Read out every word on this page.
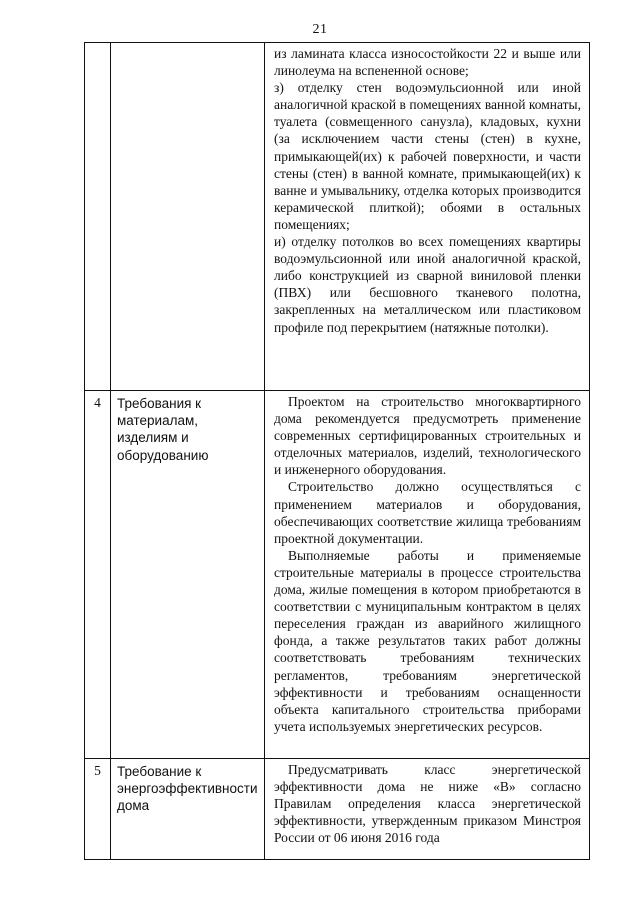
21

		из ламината класса износостойкости 22 и выше или линолеума на вспененной основе;

з) отделку стен водоэмульсионной или иной аналогичной краской в помещениях ванной комнаты, туалета (совмещенного санузла), кладовых, кухни (за исключением части стены (стен) в кухне, примыкающей(их) к рабочей поверхности, и части стены (стен) в ванной комнате, примыкающей(их) к ванне и умывальнику, отделка которых производится керамической плиткой); обоями в остальных помещениях;

и) отделку потолков во всех помещениях квартиры водоэмульсионной или иной аналогичной краской, либо конструкцией из сварной виниловой пленки (ПВХ) или бесшовного тканевого полотна, закрепленных на металлическом или пластиковом профиле под перекрытием (натяжные потолки).

4	Требования к материалам, изделиям и оборудованию	Проектом на строительство многоквартирного дома рекомендуется предусмотреть применение современных сертифицированных строительных и отделочных материалов, изделий, технологического и инженерного оборудования.

Строительство должно осуществляться с применением материалов и оборудования, обеспечивающих соответствие жилища требованиям проектной документации.

Выполняемые работы и применяемые строительные материалы в процессе строительства дома, жилые помещения в котором приобретаются в соответствии с муниципальным контрактом в целях переселения граждан из аварийного жилищного фонда, а также результатов таких работ должны соответствовать требованиям технических регламентов, требованиям энергетической эффективности и требованиям оснащенности объекта капитального строительства приборами учета используемых энергетических ресурсов.

5	Требование к энергоэффективности дома	Предусматривать класс энергетической эффективности дома не ниже «В» согласно Правилам определения класса энергетической эффективности, утвержденным приказом Минстроя России от 06 июня 2016 года
